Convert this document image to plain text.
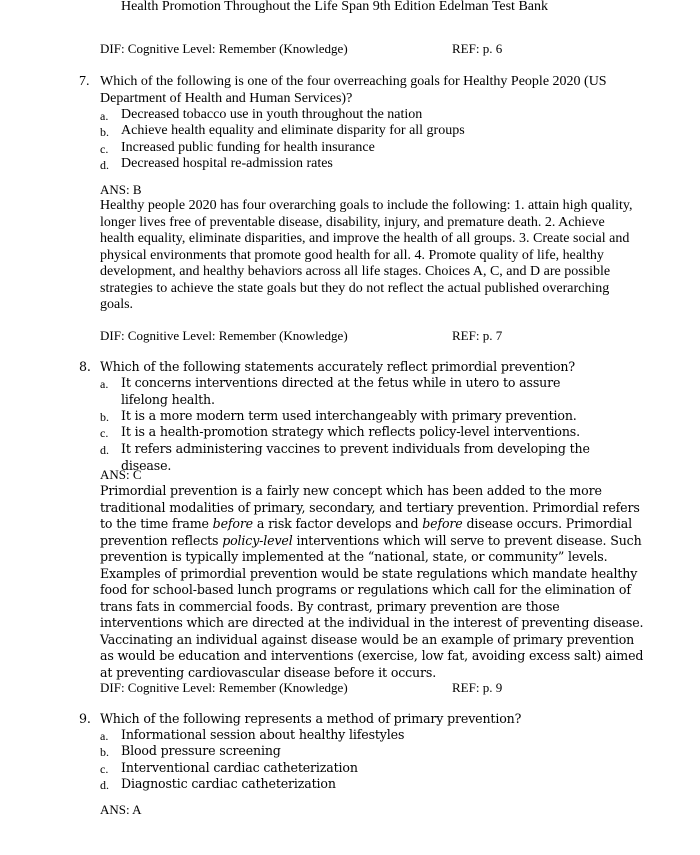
Health Promotion Throughout the Life Span 9th Edition Edelman Test Bank
DIF: Cognitive Level: Remember (Knowledge)	REF: p. 6
7. Which of the following is one of the four overreaching goals for Healthy People 2020 (US Department of Health and Human Services)?
a. Decreased tobacco use in youth throughout the nation
b. Achieve health equality and eliminate disparity for all groups
c. Increased public funding for health insurance
d. Decreased hospital re-admission rates
ANS: B
Healthy people 2020 has four overarching goals to include the following: 1. attain high quality, longer lives free of preventable disease, disability, injury, and premature death. 2. Achieve health equality, eliminate disparities, and improve the health of all groups. 3. Create social and physical environments that promote good health for all. 4. Promote quality of life, healthy development, and healthy behaviors across all life stages. Choices A, C, and D are possible strategies to achieve the state goals but they do not reflect the actual published overarching goals.
DIF: Cognitive Level: Remember (Knowledge)	REF: p. 7
8. Which of the following statements accurately reflect primordial prevention?
a. It concerns interventions directed at the fetus while in utero to assure lifelong health.
b. It is a more modern term used interchangeably with primary prevention.
c. It is a health-promotion strategy which reflects policy-level interventions.
d. It refers administering vaccines to prevent individuals from developing the disease.
ANS: C
Primordial prevention is a fairly new concept which has been added to the more traditional modalities of primary, secondary, and tertiary prevention. Primordial refers to the time frame before a risk factor develops and before disease occurs. Primordial prevention reflects policy-level interventions which will serve to prevent disease. Such prevention is typically implemented at the “national, state, or community” levels. Examples of primordial prevention would be state regulations which mandate healthy food for school-based lunch programs or regulations which call for the elimination of trans fats in commercial foods. By contrast, primary prevention are those interventions which are directed at the individual in the interest of preventing disease. Vaccinating an individual against disease would be an example of primary prevention as would be education and interventions (exercise, low fat, avoiding excess salt) aimed at preventing cardiovascular disease before it occurs.
DIF: Cognitive Level: Remember (Knowledge)	REF: p. 9
9. Which of the following represents a method of primary prevention?
a. Informational session about healthy lifestyles
b. Blood pressure screening
c. Interventional cardiac catheterization
d. Diagnostic cardiac catheterization
ANS: A
